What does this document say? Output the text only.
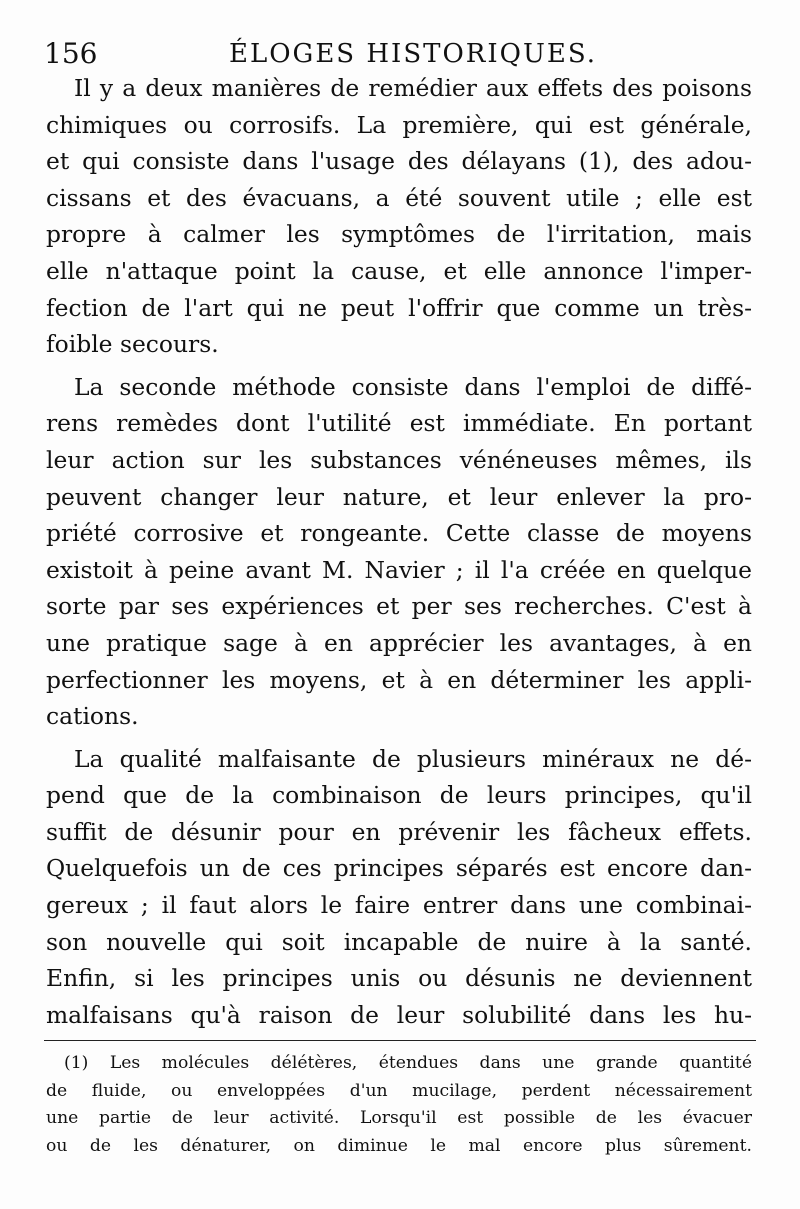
156	ÉLOGES HISTORIQUES.

Il y a deux manières de remédier aux effets des poisons
chimiques ou corrosifs. La première, qui est générale,
et qui consiste dans l'usage des délayans (1), des adou-
cissans et des évacuans, a été souvent utile ; elle est
propre à calmer les symptômes de l'irritation, mais
elle n'attaque point la cause, et elle annonce l'imper-
fection de l'art qui ne peut l'offrir que comme un très-
foible secours.

La seconde méthode consiste dans l'emploi de diffé-
rens remèdes dont l'utilité est immédiate. En portant
leur action sur les substances vénéneuses mêmes, ils
peuvent changer leur nature, et leur enlever la pro-
priété corrosive et rongeante. Cette classe de moyens
existoit à peine avant M. Navier ; il l'a créée en quelque
sorte par ses expériences et per ses recherches. C'est à
une pratique sage à en apprécier les avantages, à en
perfectionner les moyens, et à en déterminer les appli-
cations.

La qualité malfaisante de plusieurs minéraux ne dé-
pend que de la combinaison de leurs principes, qu'il
suffit de désunir pour en prévenir les fâcheux effets.
Quelquefois un de ces principes séparés est encore dan-
gereux ; il faut alors le faire entrer dans une combinai-
son nouvelle qui soit incapable de nuire à la santé.
Enfin, si les principes unis ou désunis ne deviennent
malfaisans qu'à raison de leur solubilité dans les hu-

(1) Les molécules délétères, étendues dans une grande quantité
de fluide, ou enveloppées d'un mucilage, perdent nécessairement
une partie de leur activité. Lorsqu'il est possible de les évacuer
ou de les dénaturer, on diminue le mal encore plus sûrement.
